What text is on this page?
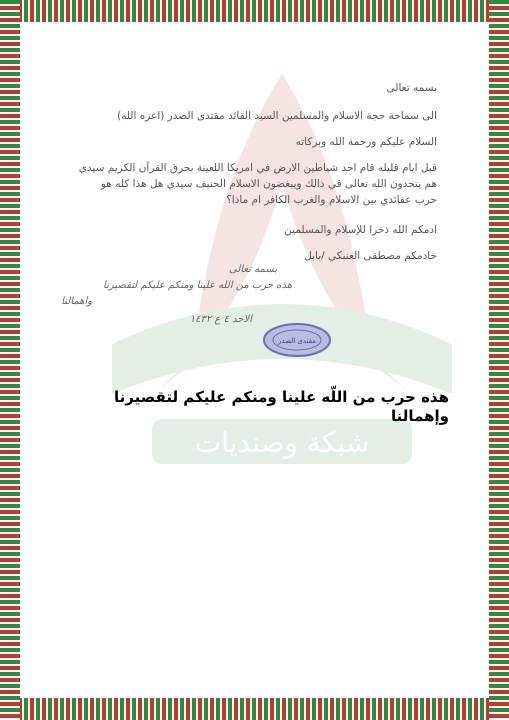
شبكة وصنديات
بسمه تعالى
الى سماحة حجة الاسلام والمسلمين السيد القائد مقتدى الصدر (اعزه الله)
السلام عليكم ورحمة الله وبركاته
قبل ايام قليله قام احد شياطين الارض في امريكا اللعينة بحرق القرآن الكريم سيدي
هم يتحدون الله تعالى في ذالك ويبغضون الاسلام الحنيف سيدي هل هذا كله هو
حرب عقائدي بين الاسلام والغرب الكافر ام ماذا؟
ادمكم الله ذخرا للإسلام والمسلمين
خادمكم مصطفى العنبكي /بابل
بسمه تعالى
هذه حرب من الله علينا ومنكم عليكم لتقصيرنا
واهمالنا
الاحد ٤ ع ١٤٣٢
مقتدى الصدر
هذه حرب من اللّه علينا ومنكم عليكم لتقصيرنا
وإهمالنا
